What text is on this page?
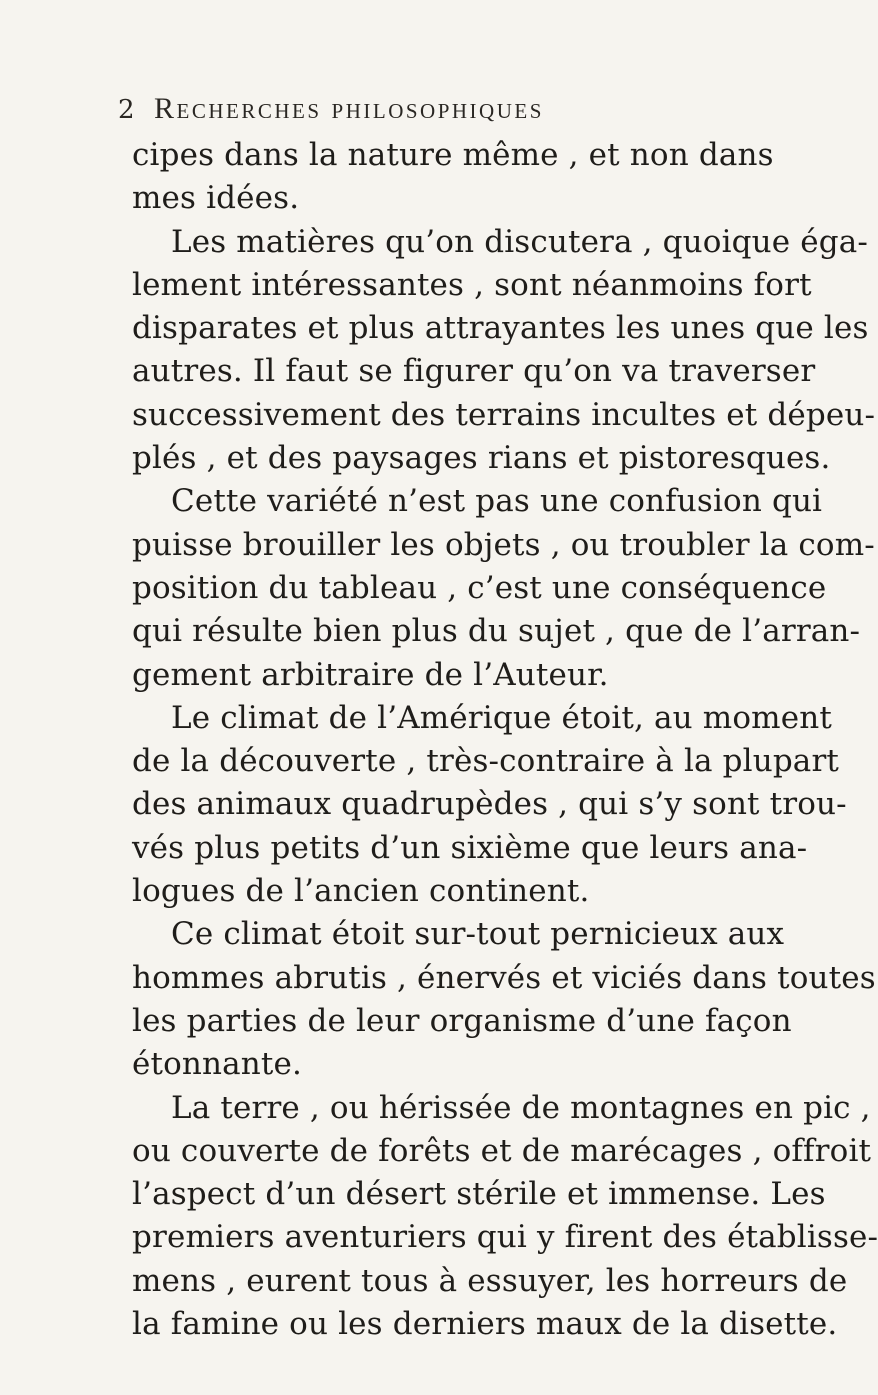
2 Recherches philosophiques
cipes dans la nature même , et non dans
mes idées.
Les matières qu’on discutera , quoique éga-
lement intéressantes , sont néanmoins fort
disparates et plus attrayantes les unes que les
autres. Il faut se figurer qu’on va traverser
successivement des terrains incultes et dépeu-
plés , et des paysages rians et pistoresques.
Cette variété n’est pas une confusion qui
puisse brouiller les objets , ou troubler la com-
position du tableau , c’est une conséquence
qui résulte bien plus du sujet , que de l’arran-
gement arbitraire de l’Auteur.
Le climat de l’Amérique étoit, au moment
de la découverte , très-contraire à la plupart
des animaux quadrupèdes , qui s’y sont trou-
vés plus petits d’un sixième que leurs ana-
logues de l’ancien continent.
Ce climat étoit sur-tout pernicieux aux
hommes abrutis , énervés et viciés dans toutes
les parties de leur organisme d’une façon
étonnante.
La terre , ou hérissée de montagnes en pic ,
ou couverte de forêts et de marécages , offroit
l’aspect d’un désert stérile et immense. Les
premiers aventuriers qui y firent des établisse-
mens , eurent tous à essuyer, les horreurs de
la famine ou les derniers maux de la disette.
